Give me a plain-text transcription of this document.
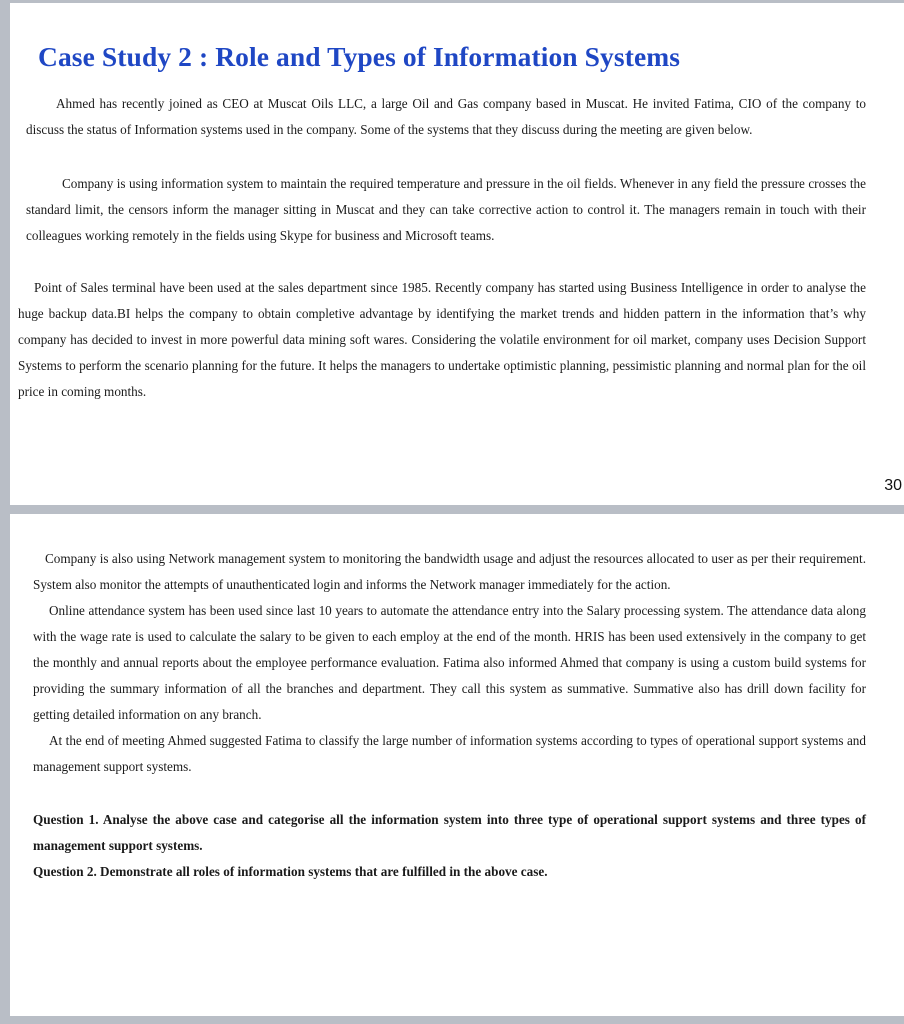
Case Study 2 : Role and Types of Information Systems

Ahmed has recently joined as CEO at Muscat Oils LLC, a large Oil and Gas company based in Muscat. He invited Fatima, CIO of the company to discuss the status of Information systems used in the company. Some of the systems that they discuss during the meeting are given below.

Company is using information system to maintain the required temperature and pressure in the oil fields. Whenever in any field the pressure crosses the standard limit, the censors inform the manager sitting in Muscat and they can take corrective action to control it. The managers remain in touch with their colleagues working remotely in the fields using Skype for business and Microsoft teams.

Point of Sales terminal have been used at the sales department since 1985. Recently company has started using Business Intelligence in order to analyse the huge backup data.BI helps the company to obtain completive advantage by identifying the market trends and hidden pattern in the information that’s why company has decided to invest in more powerful data mining soft wares. Considering the volatile environment for oil market, company uses Decision Support Systems to perform the scenario planning for the future. It helps the managers to undertake optimistic planning, pessimistic planning and normal plan for the oil price in coming months.

30

Company is also using Network management system to monitoring the bandwidth usage and adjust the resources allocated to user as per their requirement. System also monitor the attempts of unauthenticated login and informs the Network manager immediately for the action.

Online attendance system has been used since last 10 years to automate the attendance entry into the Salary processing system. The attendance data along with the wage rate is used to calculate the salary to be given to each employ at the end of the month. HRIS has been used extensively in the company to get the monthly and annual reports about the employee performance evaluation. Fatima also informed Ahmed that company is using a custom build systems for providing the summary information of all the branches and department. They call this system as summative. Summative also has drill down facility for getting detailed information on any branch.

At the end of meeting Ahmed suggested Fatima to classify the large number of information systems according to types of operational support systems and management support systems.

Question 1. Analyse the above case and categorise all the information system into three type of operational support systems and three types of management support systems.

Question 2. Demonstrate all roles of information systems that are fulfilled in the above case.
